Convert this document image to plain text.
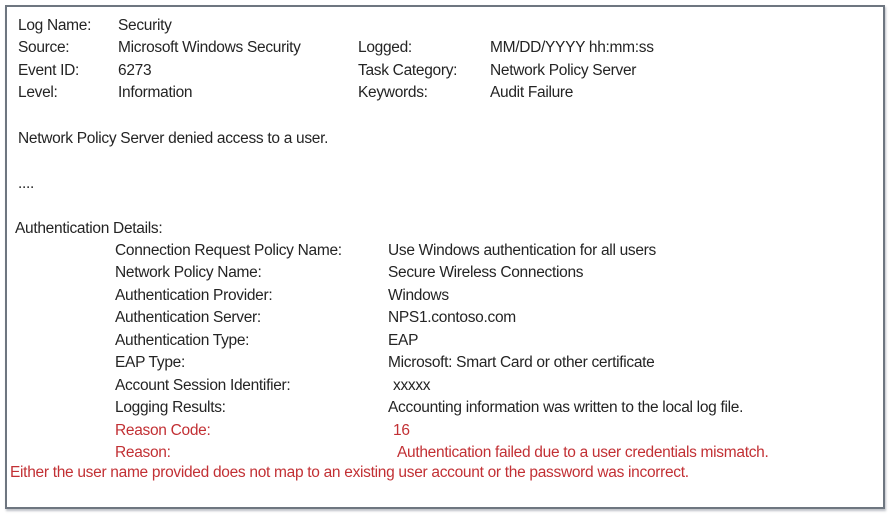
Log Name: Security
Source:	Microsoft Windows Security	Logged:	MM/DD/YYYY hh:mm:ss
Event ID:	6273	Task Category: Network Policy Server
Level:	Information	Keywords:	Audit Failure
Network Policy Server denied access to a user.
....
Authentication Details:
Connection Request Policy Name:	Use Windows authentication for all users
Network Policy Name:	Secure Wireless Connections
Authentication Provider:	Windows
Authentication Server:	NPS1.contoso.com
Authentication Type:	EAP
EAP Type:	Microsoft: Smart Card or other certificate
Account Session Identifier:	xxxxx
Logging Results:	Accounting information was written to the local log file.
Reason Code:	16
Reason:	Authentication failed due to a user credentials mismatch.
Either the user name provided does not map to an existing user account or the password was incorrect.
